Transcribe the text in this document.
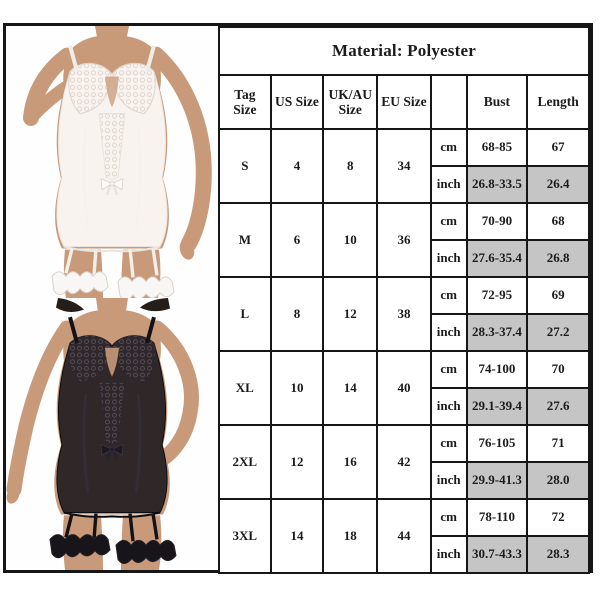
Material: Polyester						
Tag Size	US Size	UK/AU Size	EU Size		Bust	Length
S	4	8	34	cm	68-85	67
				inch	26.8-33.5	26.4
M	6	10	36	cm	70-90	68
				inch	27.6-35.4	26.8
L	8	12	38	cm	72-95	69
				inch	28.3-37.4	27.2
XL	10	14	40	cm	74-100	70
				inch	29.1-39.4	27.6
2XL	12	16	42	cm	76-105	71
				inch	29.9-41.3	28.0
3XL	14	18	44	cm	78-110	72
				inch	30.7-43.3	28.3
